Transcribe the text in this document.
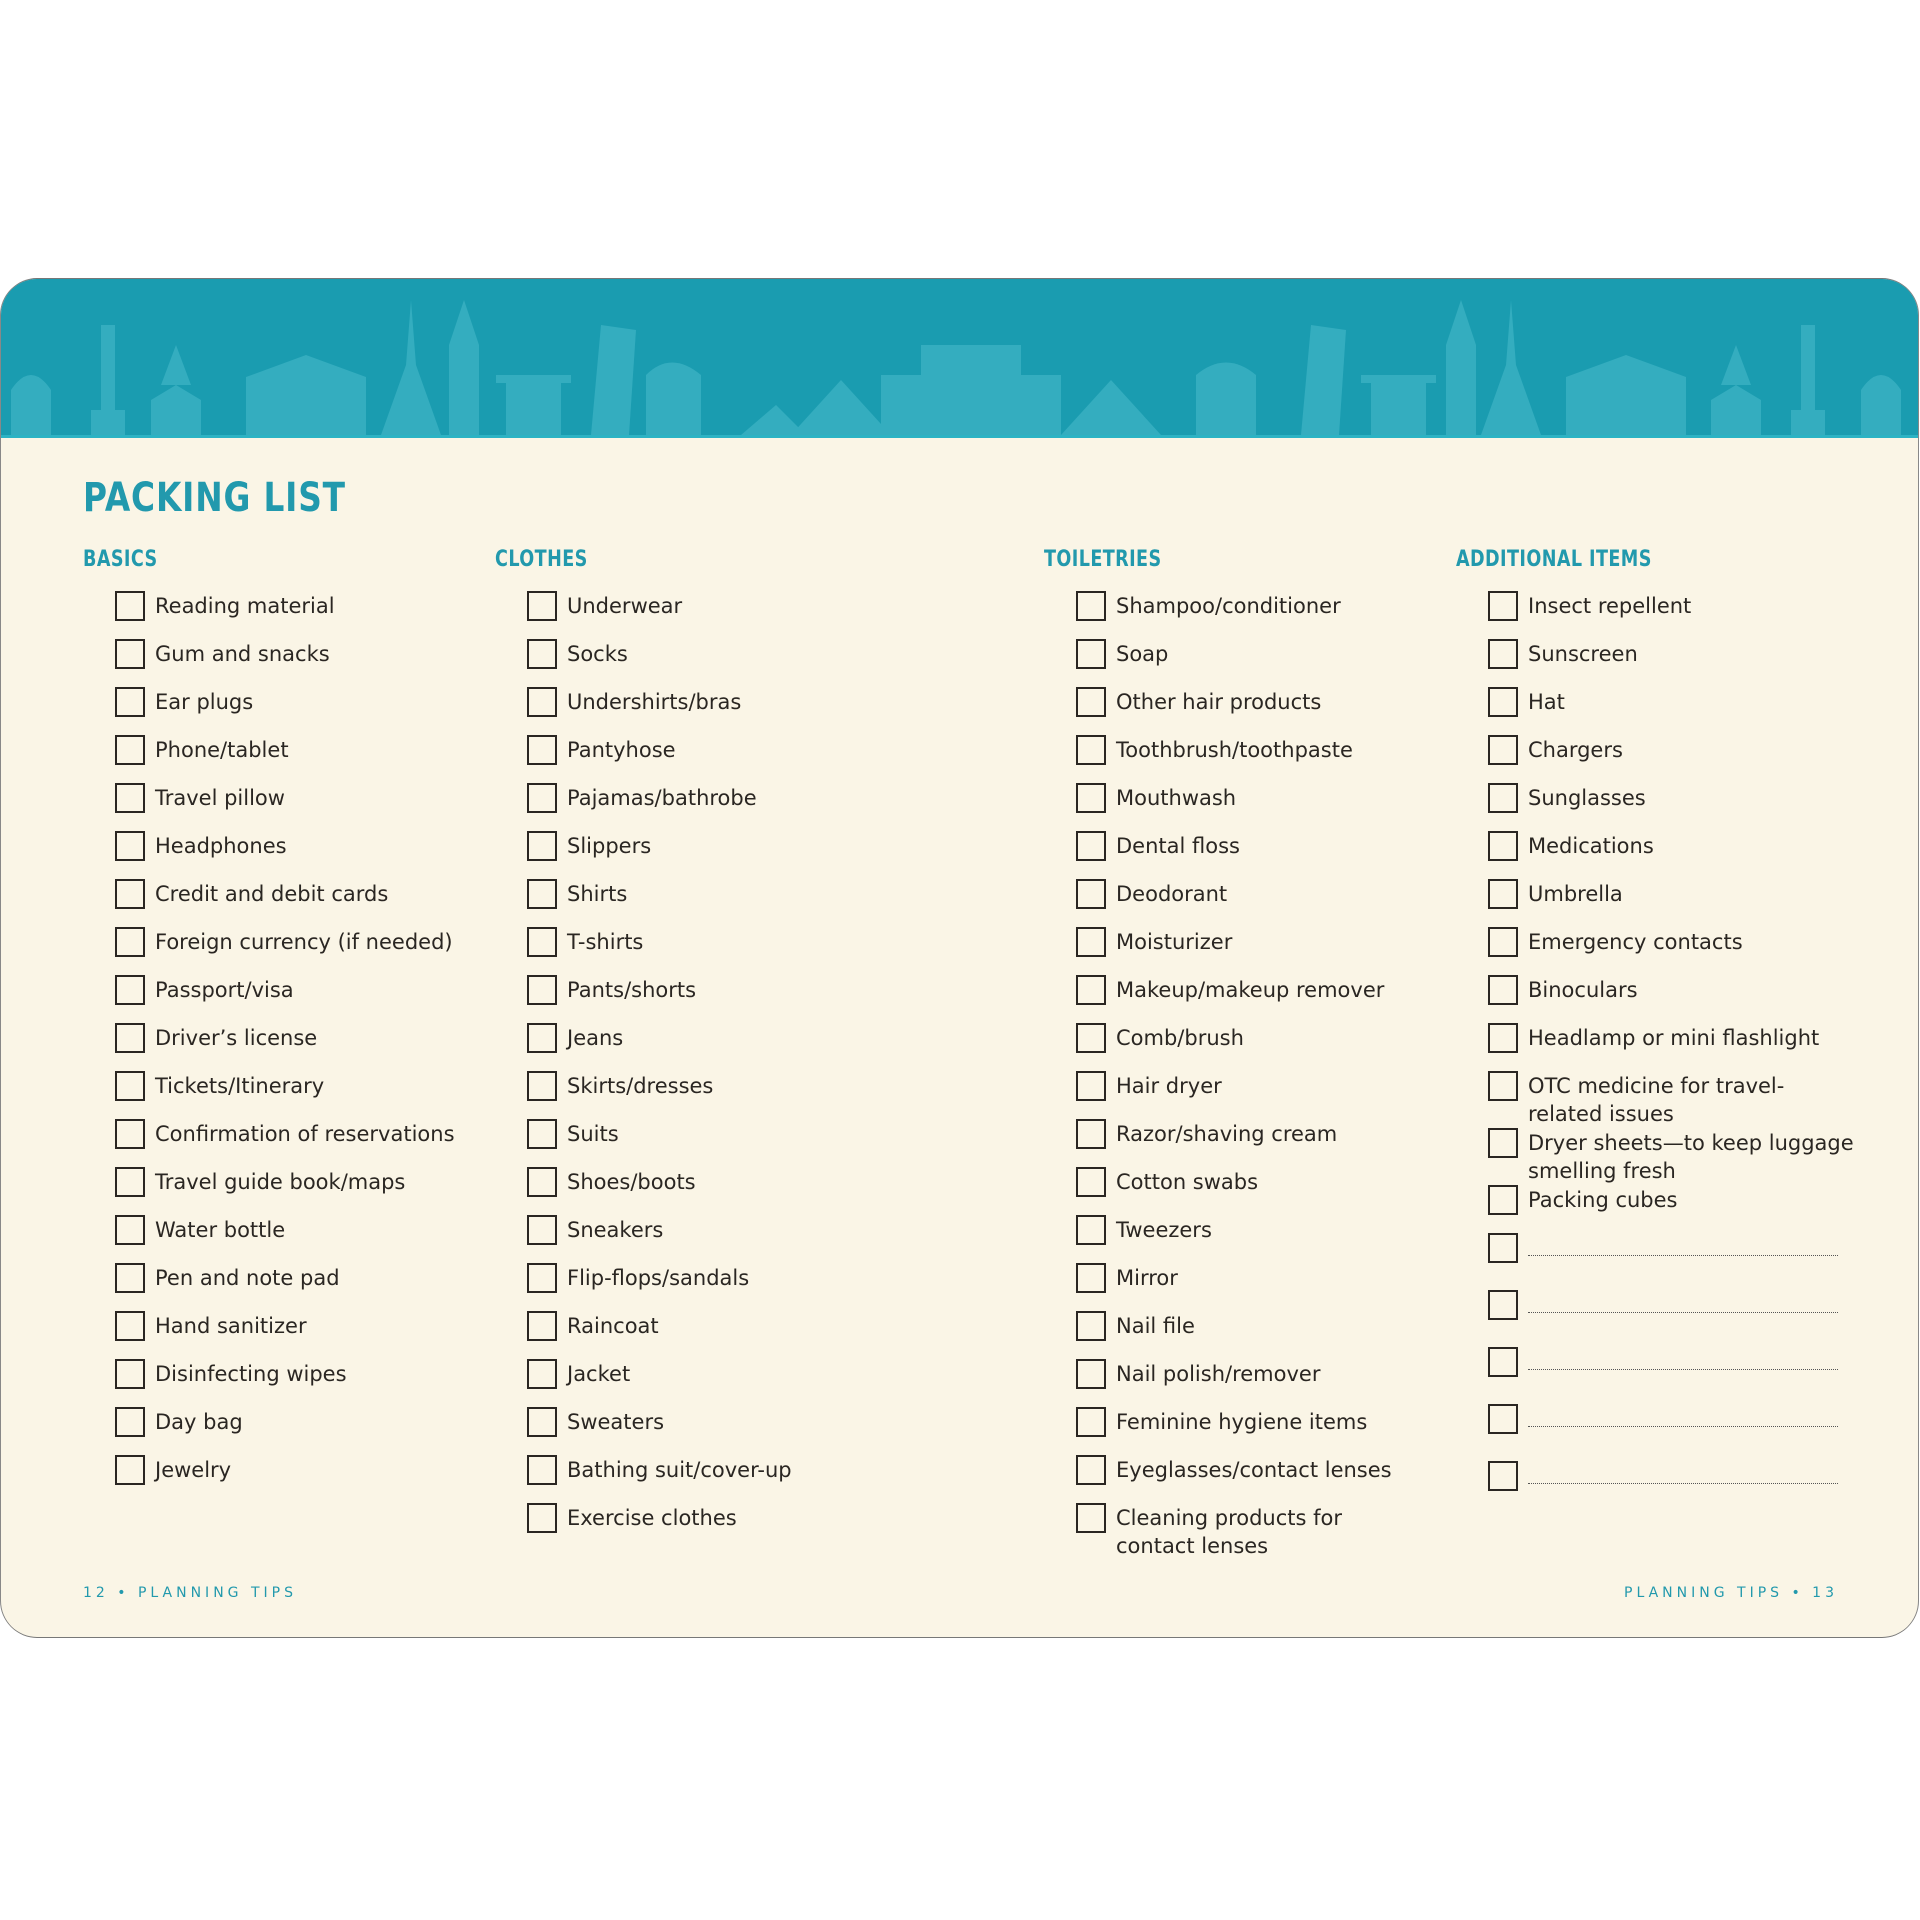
PACKING LIST
BASICS
Reading material
Gum and snacks
Ear plugs
Phone/tablet
Travel pillow
Headphones
Credit and debit cards
Foreign currency (if needed)
Passport/visa
Driver’s license
Tickets/Itinerary
Confirmation of reservations
Travel guide book/maps
Water bottle
Pen and note pad
Hand sanitizer
Disinfecting wipes
Day bag
Jewelry
CLOTHES
Underwear
Socks
Undershirts/bras
Pantyhose
Pajamas/bathrobe
Slippers
Shirts
T-shirts
Pants/shorts
Jeans
Skirts/dresses
Suits
Shoes/boots
Sneakers
Flip-flops/sandals
Raincoat
Jacket
Sweaters
Bathing suit/cover-up
Exercise clothes
TOILETRIES
Shampoo/conditioner
Soap
Other hair products
Toothbrush/toothpaste
Mouthwash
Dental floss
Deodorant
Moisturizer
Makeup/makeup remover
Comb/brush
Hair dryer
Razor/shaving cream
Cotton swabs
Tweezers
Mirror
Nail file
Nail polish/remover
Feminine hygiene items
Eyeglasses/contact lenses
Cleaning products for contact lenses
ADDITIONAL ITEMS
Insect repellent
Sunscreen
Hat
Chargers
Sunglasses
Medications
Umbrella
Emergency contacts
Binoculars
Headlamp or mini flashlight
OTC medicine for travel-related issues
Dryer sheets—to keep luggage smelling fresh
Packing cubes
12 • PLANNING TIPS	PLANNING TIPS • 13
